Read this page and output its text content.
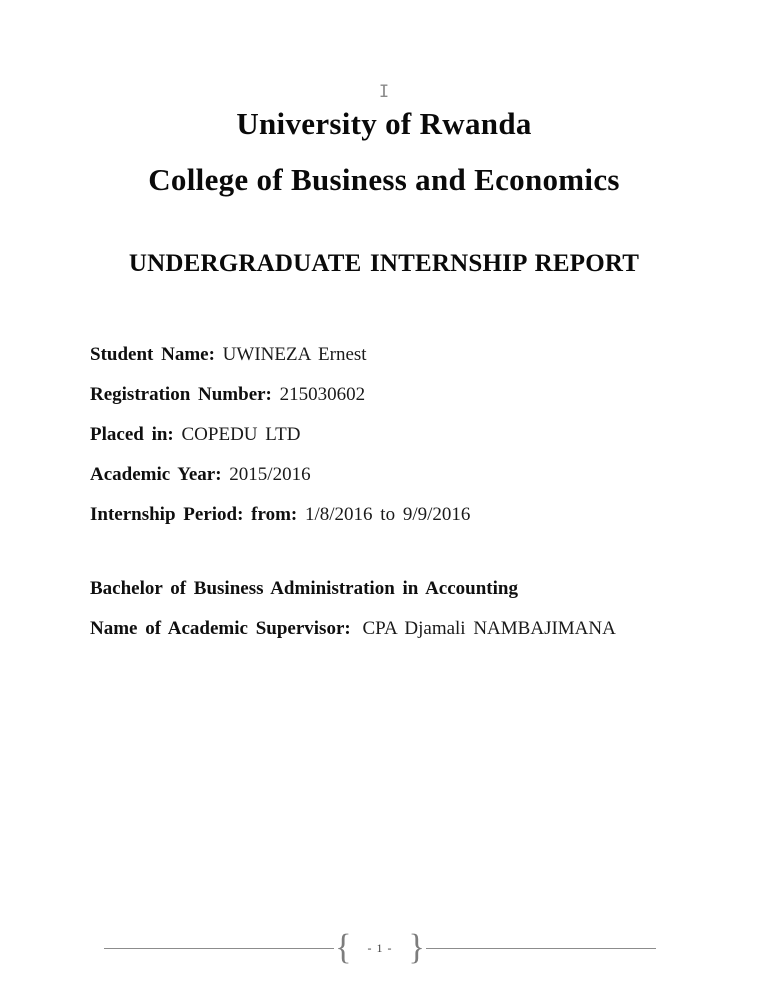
I
University of Rwanda
College of Business and Economics
UNDERGRADUATE INTERNSHIP REPORT

Student Name: UWINEZA Ernest

Registration Number: 215030602

Placed in: COPEDU LTD

Academic Year: 2015/2016

Internship Period: from: 1/8/2016 to 9/9/2016

Bachelor of Business Administration in Accounting

Name of Academic Supervisor: CPA Djamali NAMBAJIMANA

{ - 1 - }
